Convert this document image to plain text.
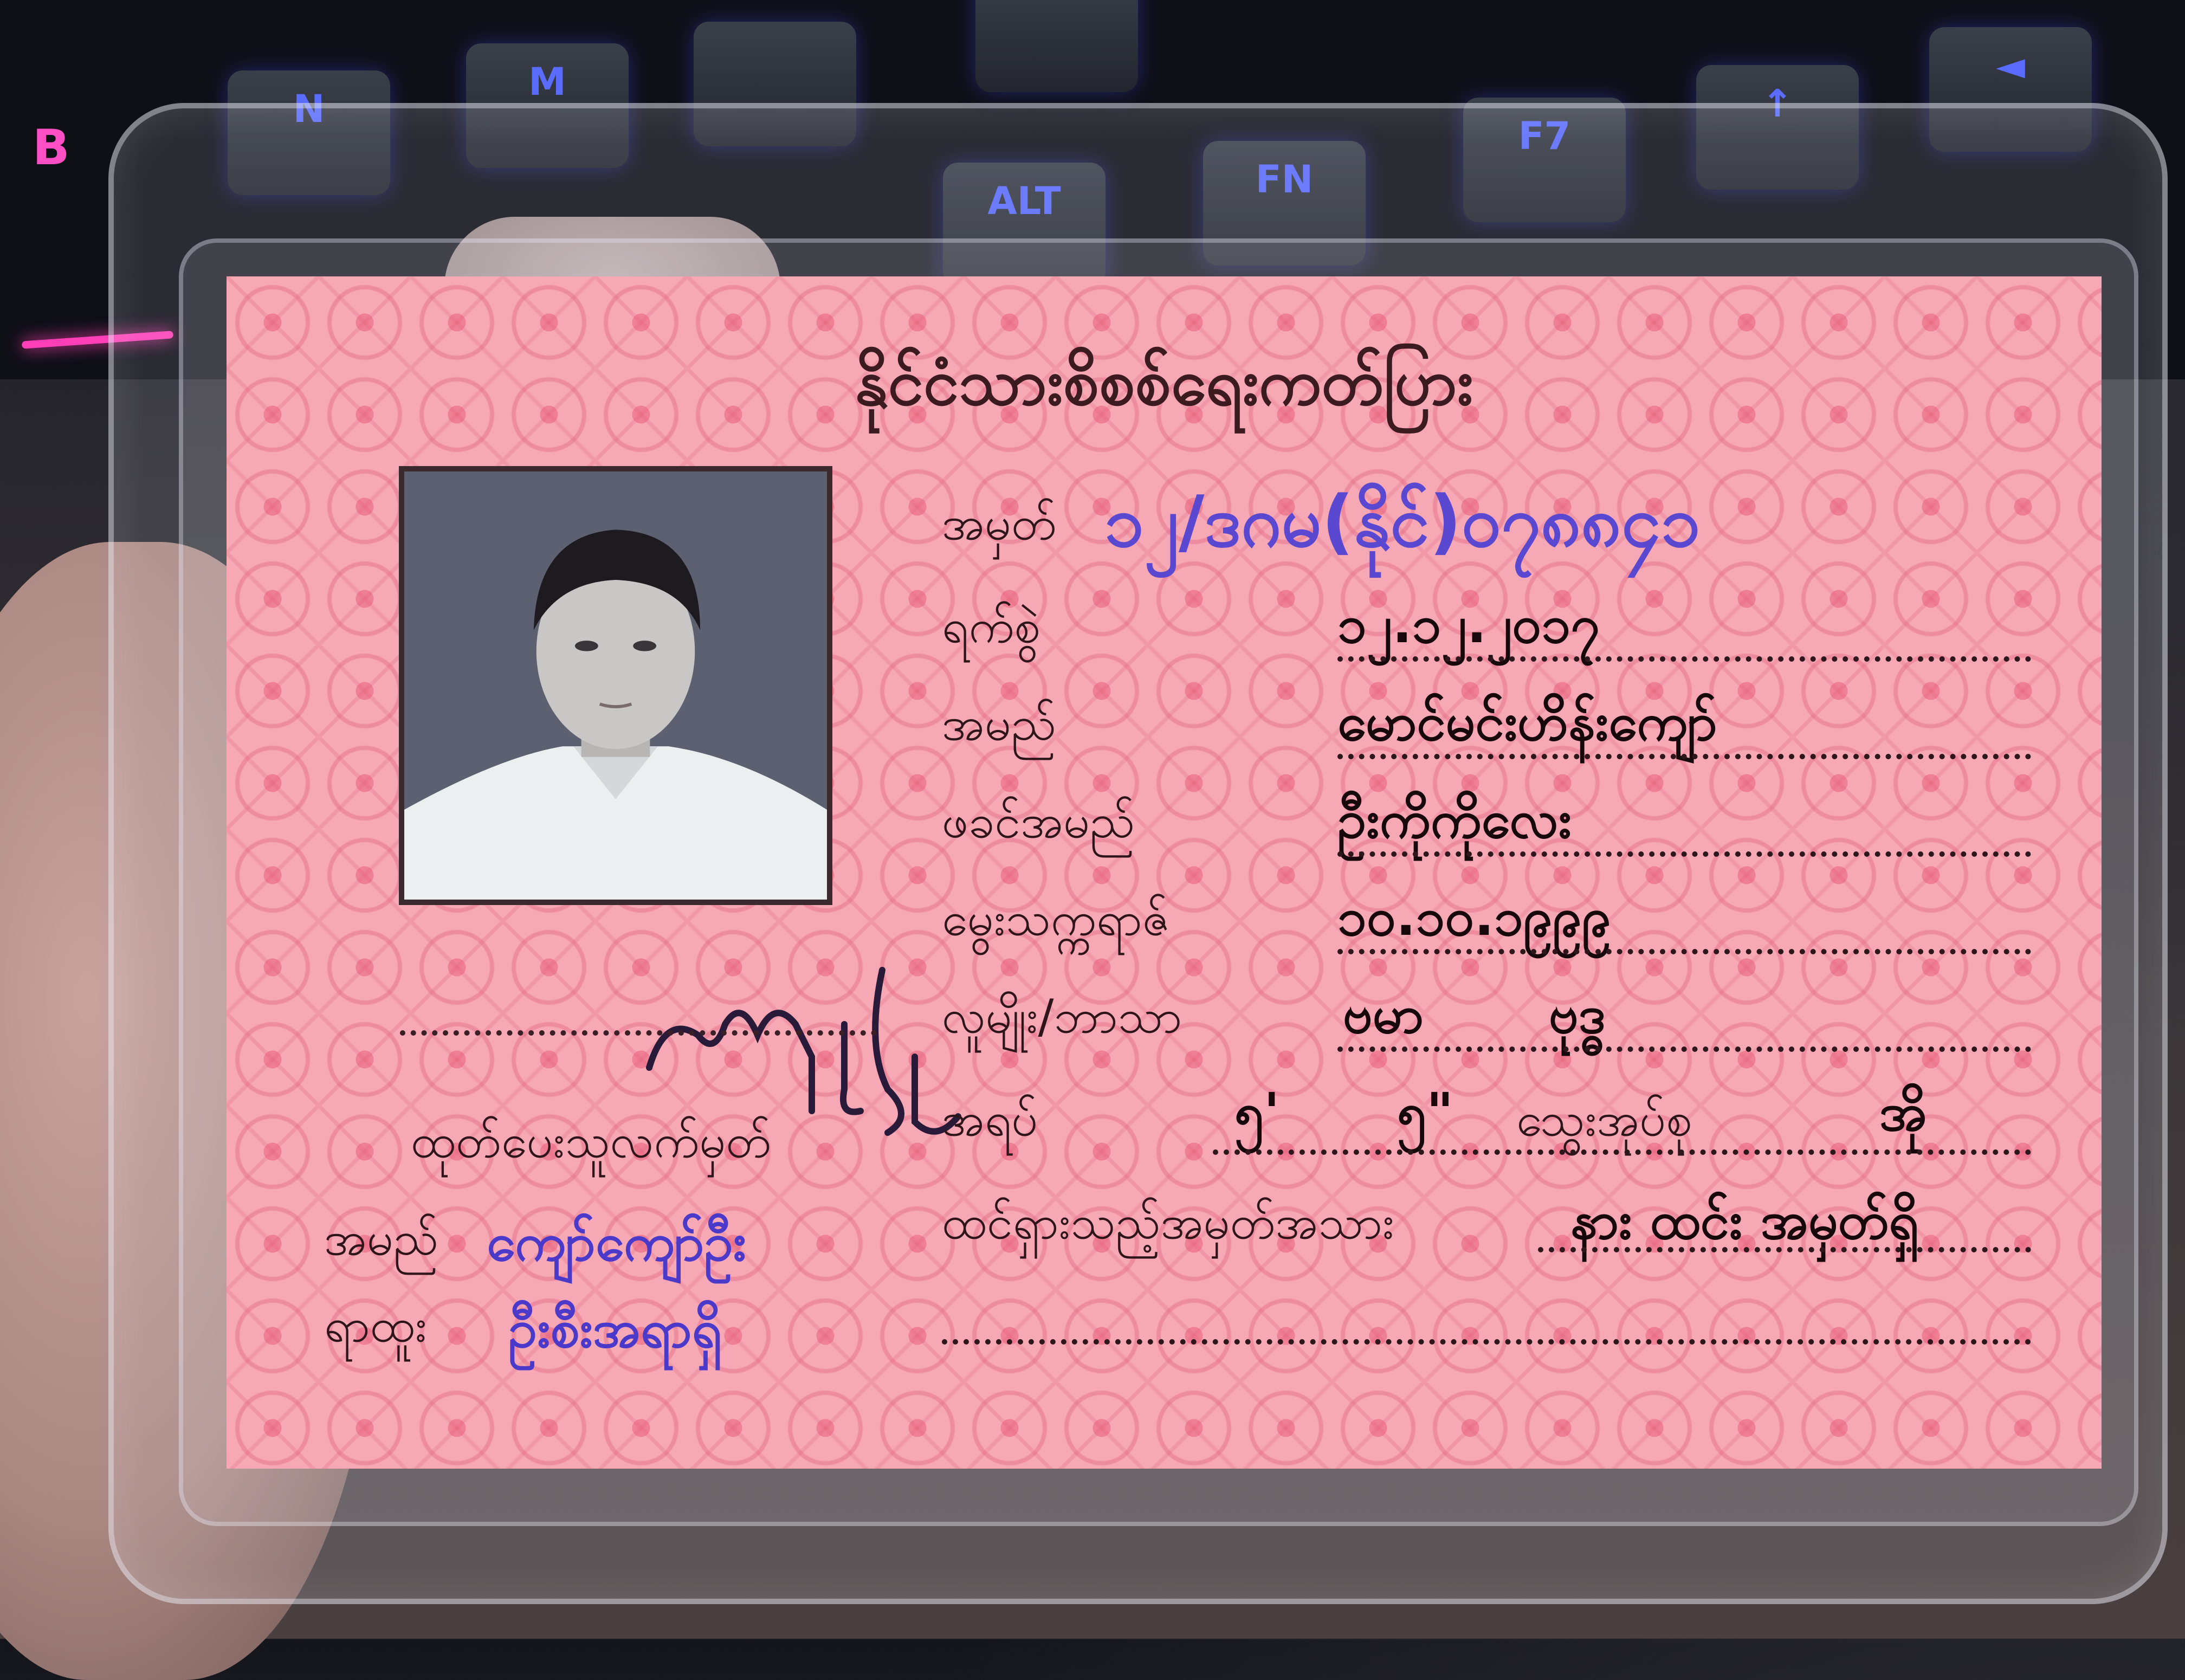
M
N
FN
ALT
F7
↑
◄
B
နိုင်ငံသားစိစစ်ရေးကတ်ပြား
ထုတ်ပေးသူလက်မှတ်
အမည် ကျော်ကျော်ဦး
ရာထူး ဦးစီးအရာရှိ
အမှတ် ၁၂/ဒဂမ(နိုင်)၀၇၈၈၄၁
ရက်စွဲ	၁၂.၁၂.၂၀၁၇
အမည်	မောင်မင်းဟိန်းကျော်
ဖခင်အမည်	ဦးကိုကိုလေး
မွေးသက္ကရာဇ်	၁၀.၁၀.၁၉၉၉
လူမျိုး/ဘာသာ	ဗမာ ဗုဒ္ဓ
အရပ်	၅' ၅" သွေးအုပ်စု	အို
ထင်ရှားသည့်အမှတ်အသား	နား ထင်း အမှတ်ရှိ
